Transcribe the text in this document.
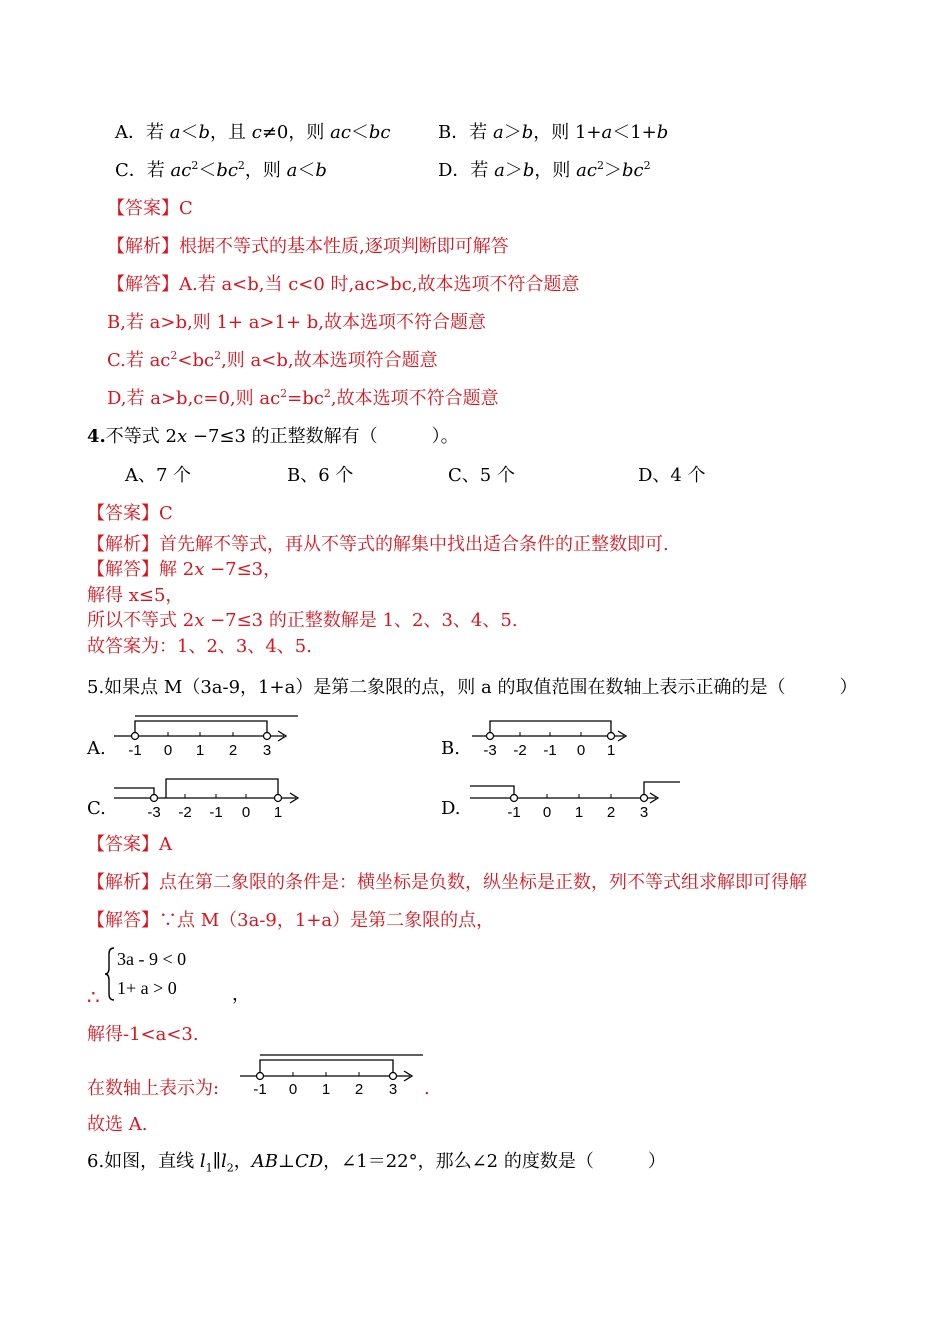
A．若 a＜b，且 c≠0，则 ac＜bc	B．若 a＞b，则 1+a＜1+b
C．若 $ac^2<bc^2$，则 a＜b	D．若 a＞b，则 $ac^2>bc^2$
【答案】C
【解析】根据不等式的基本性质,逐项判断即可解答
【解答】A.若 a<b,当 c<0 时,ac>bc,故本选项不符合题意
B,若 a>b,则 1+ a>1+ b,故本选项不符合题意
C.若 $ac^2<bc^2$,则 a<b,故本选项符合题意
D,若 a>b,c=0,则 $ac^2=bc^2$,故本选项不符合题意
4.不等式 2x −7≤3 的正整数解有（　　　）。
A、7 个	B、6 个	C、5 个	D、4 个
【答案】C
【解析】首先解不等式，再从不等式的解集中找出适合条件的正整数即可.
【解答】解 2x −7≤3，
解得 x≤5，
所以不等式 2x −7≤3 的正整数解是 1、2、3、4、5.
故答案为：1、2、3、4、5.
5.如果点 M（3a-9，1+a）是第二象限的点，则 a 的取值范围在数轴上表示正确的是（　　　）
A. -1 0 1 2 3	B. -3 -2 -1 0 1
C.	-3 -2 -1 0 1	D.	-1 0 1 2 3
【答案】A
【解析】点在第二象限的条件是：横坐标是负数，纵坐标是正数，列不等式组求解即可得解
【解答】∵点 M（3a-9，1+a）是第二象限的点，
3a - 9 < 0
1+ a > 0
∴	，
解得-1<a<3.
在数轴上表示为: -1 0 1 2 3 .
故选 A.
6.如图，直线 $l_1\parallel l_2$，AB⊥CD，∠1＝22°，那么∠2 的度数是（　　　）
